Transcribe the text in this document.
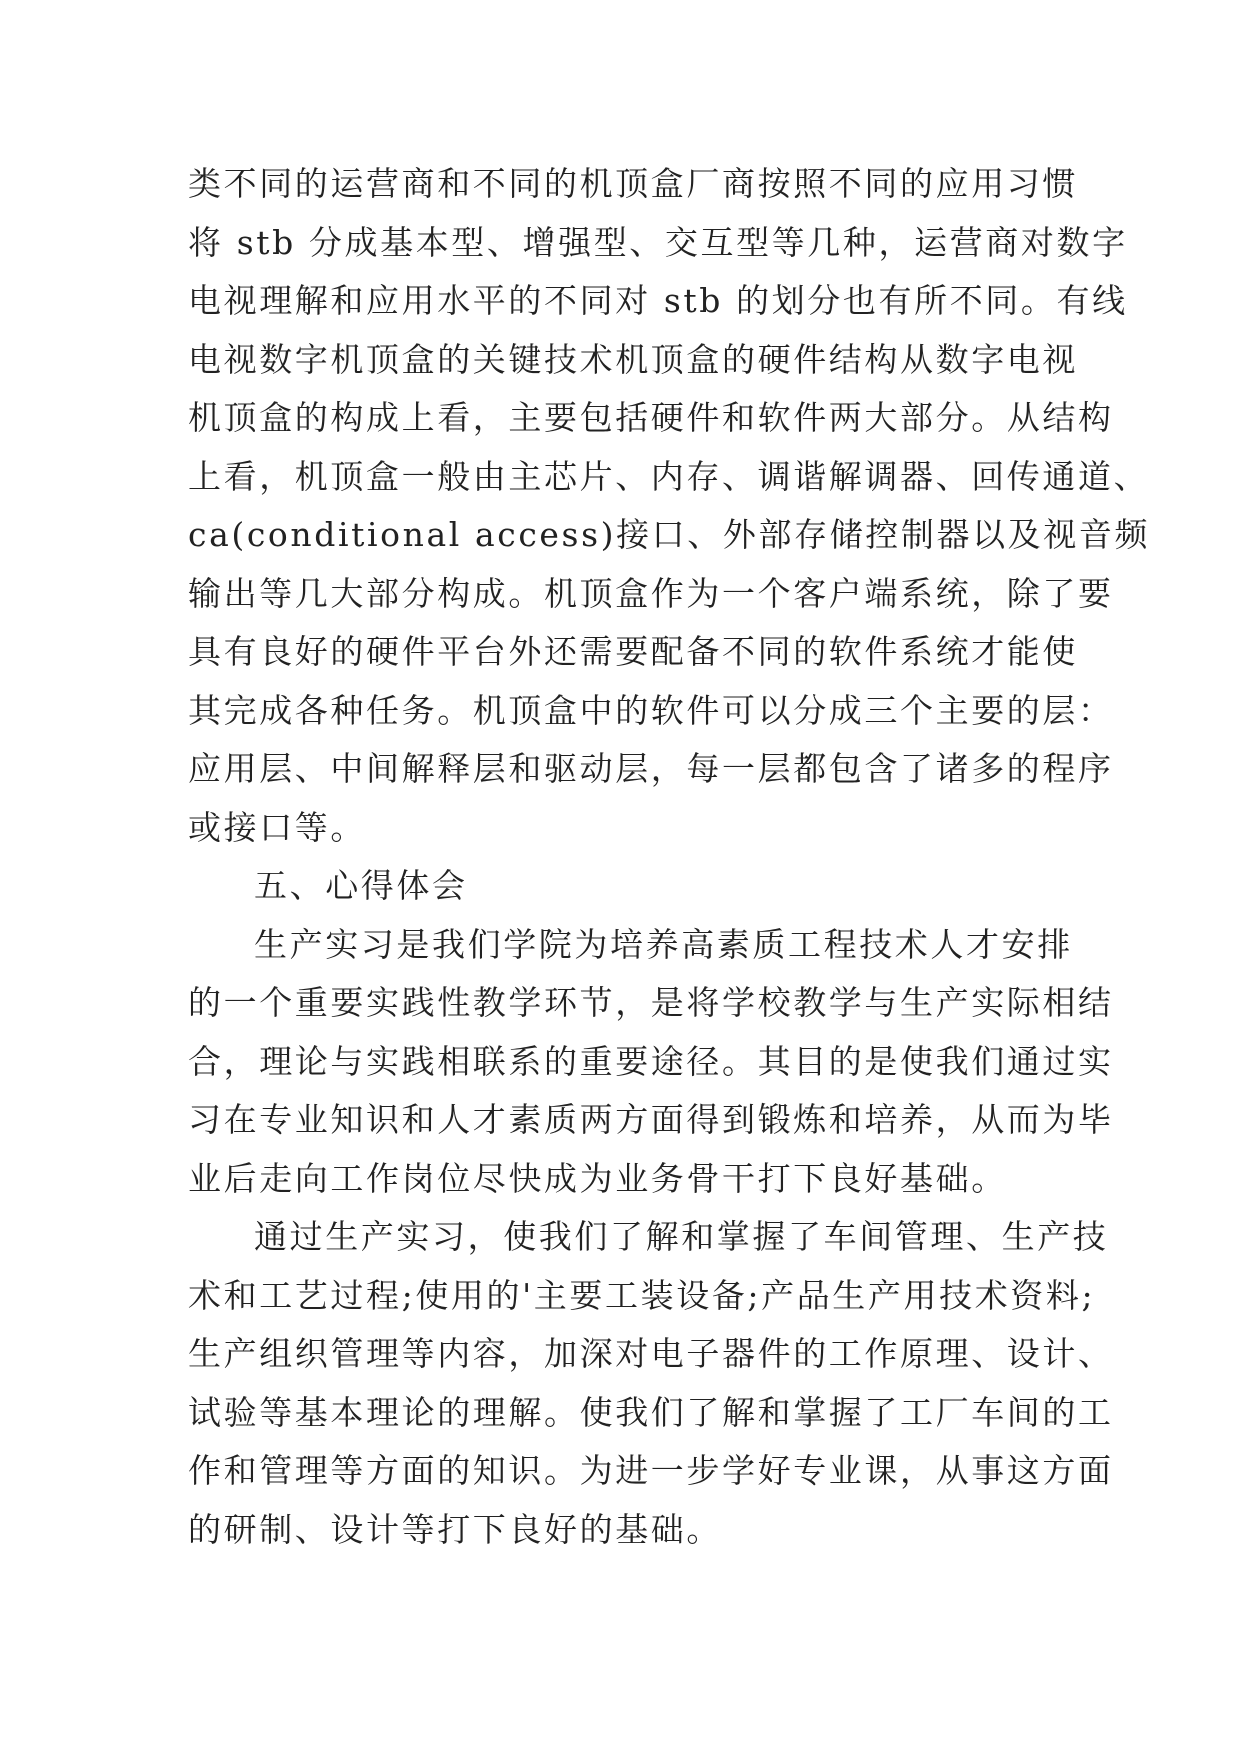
类不同的运营商和不同的机顶盒厂商按照不同的应用习惯
将 stb 分成基本型、增强型、交互型等几种，运营商对数字
电视理解和应用水平的不同对 stb 的划分也有所不同。有线
电视数字机顶盒的关键技术机顶盒的硬件结构从数字电视
机顶盒的构成上看，主要包括硬件和软件两大部分。从结构
上看，机顶盒一般由主芯片、内存、调谐解调器、回传通道、
ca(conditional access)接口、外部存储控制器以及视音频
输出等几大部分构成。机顶盒作为一个客户端系统，除了要
具有良好的硬件平台外还需要配备不同的软件系统才能使
其完成各种任务。机顶盒中的软件可以分成三个主要的层：
应用层、中间解释层和驱动层，每一层都包含了诸多的程序
或接口等。
五、心得体会
生产实习是我们学院为培养高素质工程技术人才安排
的一个重要实践性教学环节，是将学校教学与生产实际相结
合，理论与实践相联系的重要途径。其目的是使我们通过实
习在专业知识和人才素质两方面得到锻炼和培养，从而为毕
业后走向工作岗位尽快成为业务骨干打下良好基础。
通过生产实习，使我们了解和掌握了车间管理、生产技
术和工艺过程;使用的'主要工装设备;产品生产用技术资料;
生产组织管理等内容，加深对电子器件的工作原理、设计、
试验等基本理论的理解。使我们了解和掌握了工厂车间的工
作和管理等方面的知识。为进一步学好专业课，从事这方面
的研制、设计等打下良好的基础。
